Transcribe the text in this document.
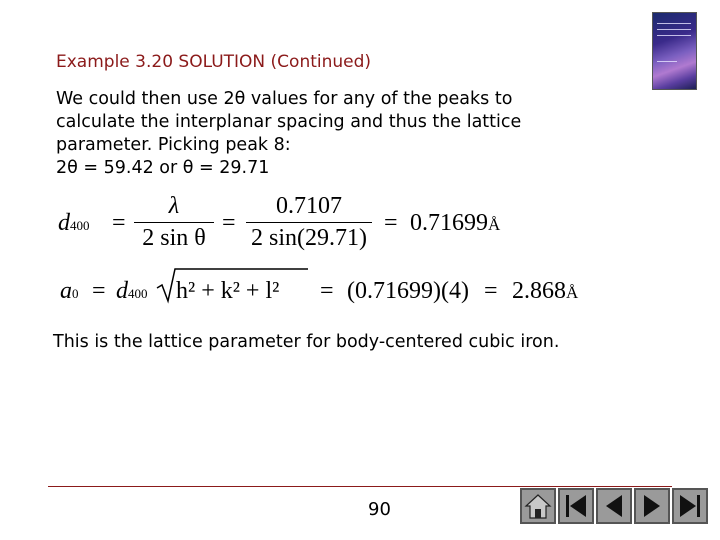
Example 3.20 SOLUTION (Continued)
We could then use 2θ values for any of the peaks to
calculate the interplanar spacing and thus the lattice
parameter. Picking peak 8:
2θ = 59.42 or θ = 29.71
d400 =
λ
2 sin θ
=
0.7107
2 sin(29.71)
= 0.71699Å
a0 = d400 h² + k² + l² = (0.71699)(4) = 2.868Å
This is the lattice parameter for body-centered cubic iron.
90
